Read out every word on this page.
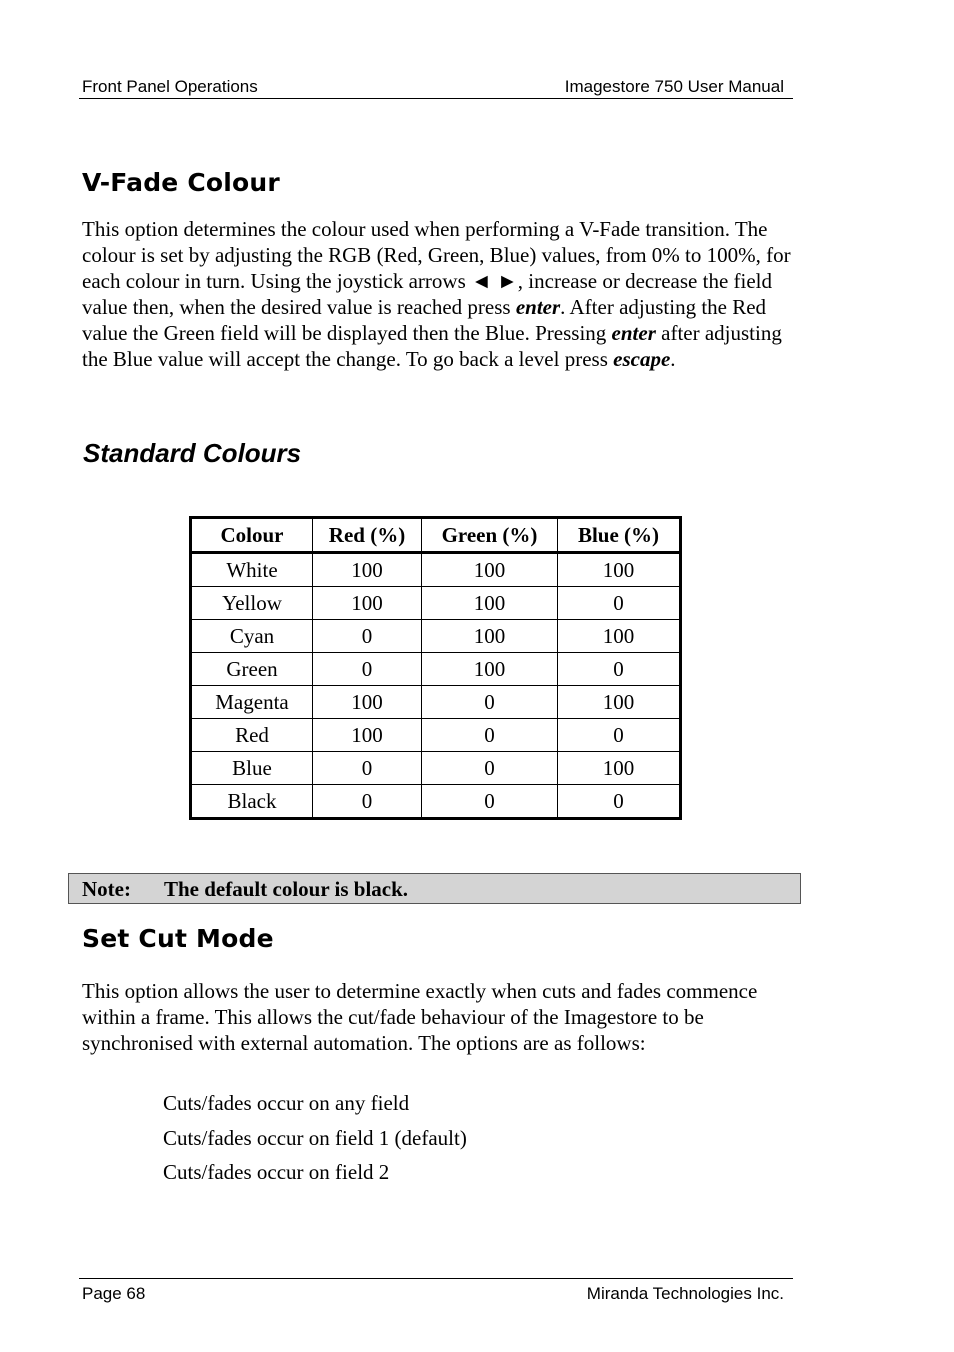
Front Panel Operations	Imagestore 750 User Manual
V-Fade Colour

This option determines the colour used when performing a V-Fade transition. The colour is set by adjusting the RGB (Red, Green, Blue) values, from 0% to 100%, for each colour in turn. Using the joystick arrows ◄ ►, increase or decrease the field value then, when the desired value is reached press enter. After adjusting the Red value the Green field will be displayed then the Blue. Pressing enter after adjusting the Blue value will accept the change. To go back a level press escape.

Standard Colours
Colour	Red (%)	Green (%)	Blue (%)
White	100	100	100
Yellow	100	100	0
Cyan	0	100	100
Green	0	100	0
Magenta	100	0	100
Red	100	0	0
Blue	0	0	100
Black	0	0	0
Note: The default colour is black.
Set Cut Mode

This option allows the user to determine exactly when cuts and fades commence within a frame. This allows the cut/fade behaviour of the Imagestore to be synchronised with external automation. The options are as follows:

Cuts/fades occur on any field
Cuts/fades occur on field 1 (default)
Cuts/fades occur on field 2
Page 68	Miranda Technologies Inc.
